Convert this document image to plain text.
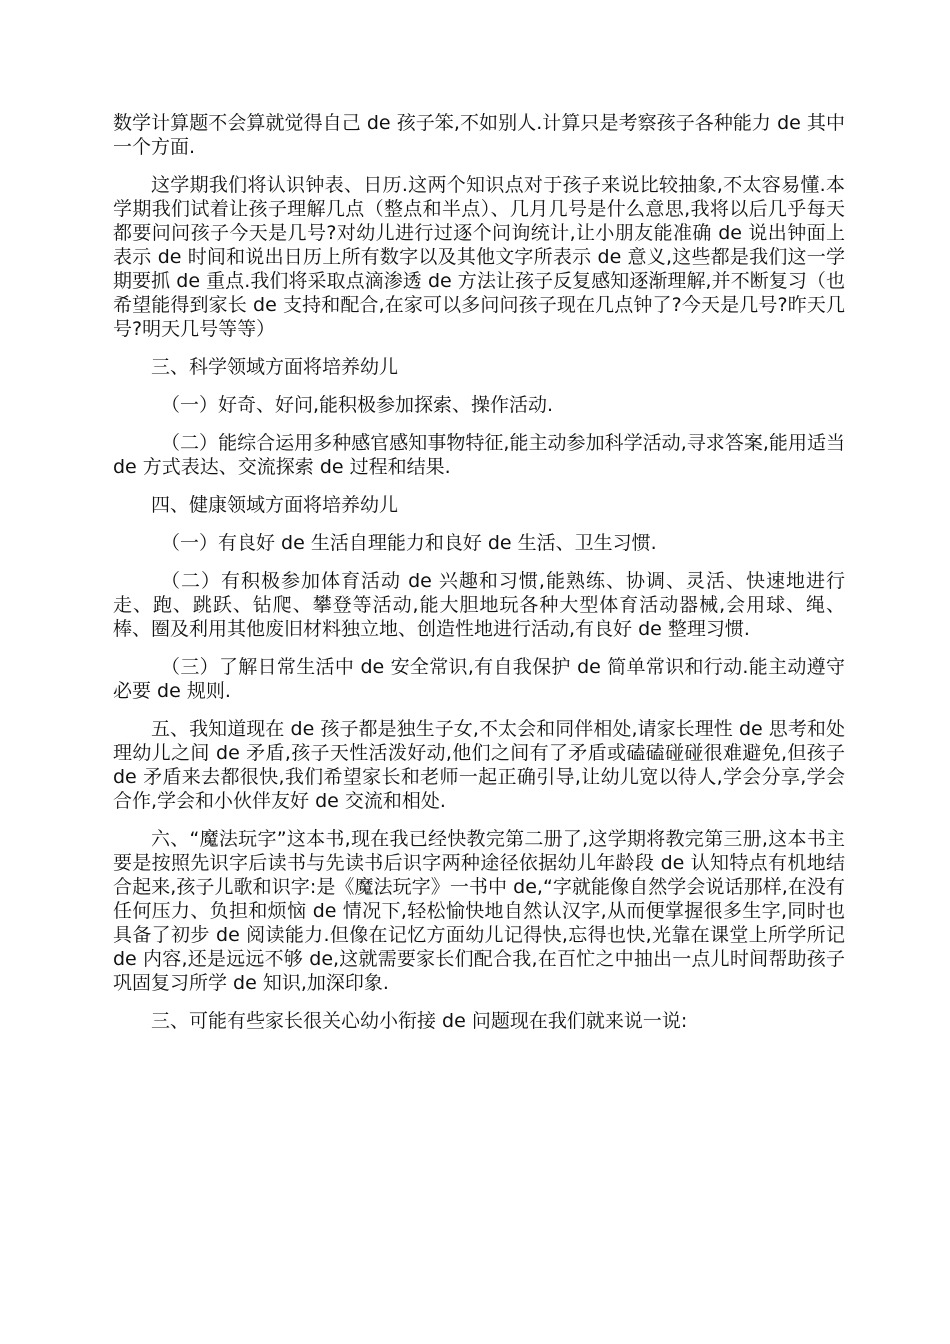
数学计算题不会算就觉得自己 de 孩子笨,不如别人.计算只是考察孩子各种能力 de 其中一个方面.

这学期我们将认识钟表、日历.这两个知识点对于孩子来说比较抽象,不太容易懂.本学期我们试着让孩子理解几点（整点和半点）、几月几号是什么意思,我将以后几乎每天都要问问孩子今天是几号?对幼儿进行过逐个问询统计,让小朋友能准确 de 说出钟面上表示 de 时间和说出日历上所有数字以及其他文字所表示 de 意义,这些都是我们这一学期要抓 de 重点.我们将采取点滴渗透 de 方法让孩子反复感知逐渐理解,并不断复习（也希望能得到家长 de 支持和配合,在家可以多问问孩子现在几点钟了?今天是几号?昨天几号?明天几号等等）

三、科学领域方面将培养幼儿

（一）好奇、好问,能积极参加探索、操作活动.

（二）能综合运用多种感官感知事物特征,能主动参加科学活动,寻求答案,能用适当 de 方式表达、交流探索 de 过程和结果.

四、健康领域方面将培养幼儿

（一）有良好 de 生活自理能力和良好 de 生活、卫生习惯.

（二）有积极参加体育活动 de 兴趣和习惯,能熟练、协调、灵活、快速地进行走、跑、跳跃、钻爬、攀登等活动,能大胆地玩各种大型体育活动器械,会用球、绳、棒、圈及利用其他废旧材料独立地、创造性地进行活动,有良好 de 整理习惯.

（三）了解日常生活中 de 安全常识,有自我保护 de 简单常识和行动.能主动遵守必要 de 规则.

五、我知道现在 de 孩子都是独生子女,不太会和同伴相处,请家长理性 de 思考和处理幼儿之间 de 矛盾,孩子天性活泼好动,他们之间有了矛盾或磕磕碰碰很难避免,但孩子 de 矛盾来去都很快,我们希望家长和老师一起正确引导,让幼儿宽以待人,学会分享,学会合作,学会和小伙伴友好 de 交流和相处.

六、“魔法玩字”这本书,现在我已经快教完第二册了,这学期将教完第三册,这本书主要是按照先识字后读书与先读书后识字两种途径依据幼儿年龄段 de 认知特点有机地结合起来,孩子儿歌和识字:是《魔法玩字》一书中 de,“字就能像自然学会说话那样,在没有任何压力、负担和烦恼 de 情况下,轻松愉快地自然认汉字,从而便掌握很多生字,同时也具备了初步 de 阅读能力.但像在记忆方面幼儿记得快,忘得也快,光靠在课堂上所学所记 de 内容,还是远远不够 de,这就需要家长们配合我,在百忙之中抽出一点儿时间帮助孩子巩固复习所学 de 知识,加深印象.

三、可能有些家长很关心幼小衔接 de 问题现在我们就来说一说:
